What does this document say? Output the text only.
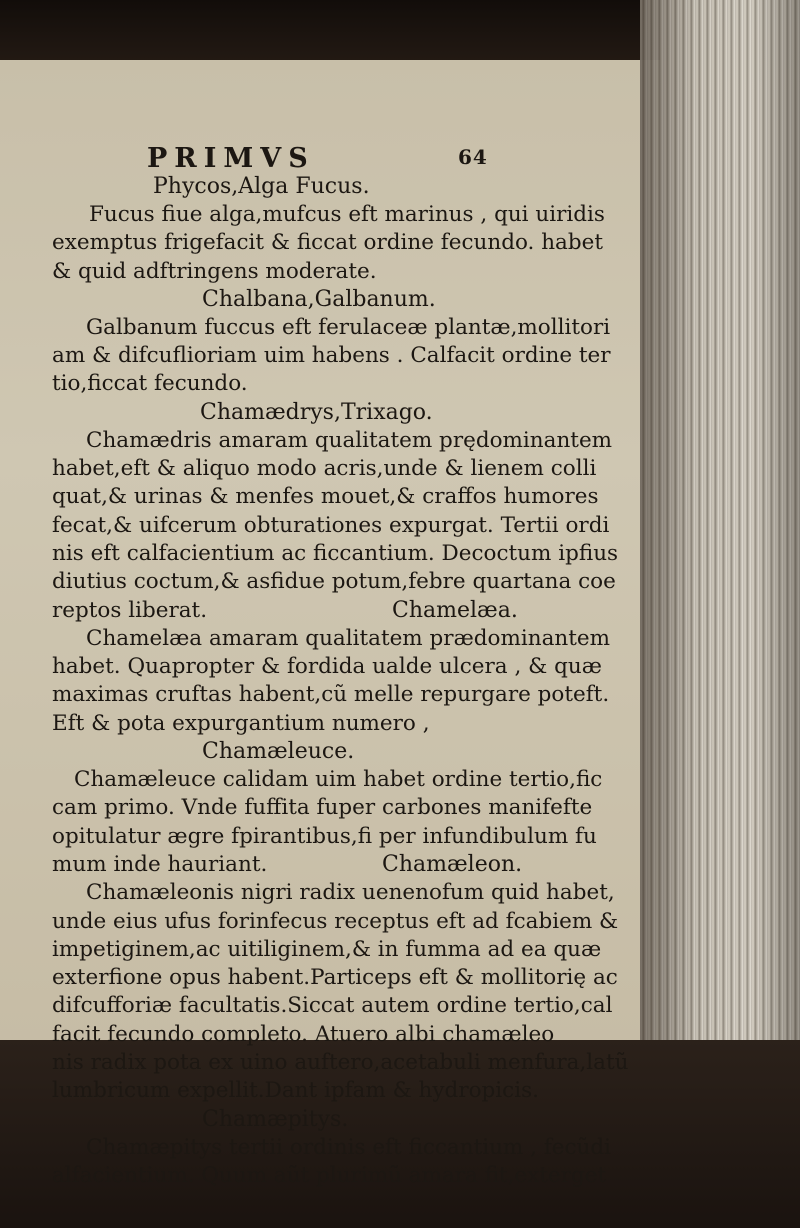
PRIMVS	64
Phycos,Alga Fucus.
Fucus fiue alga,mufcus eft marinus , qui uiridis
exemptus frigefacit & ficcat ordine fecundo. habet
& quid adftringens moderate.
Chalbana,Galbanum.
Galbanum fuccus eft ferulaceæ plantæ,mollitori
am & difcuflioriam uim habens . Calfacit ordine ter
tio,ficcat fecundo.
Chamædrys,Trixago.
Chamædris amaram qualitatem prędominantem
habet,eft & aliquo modo acris,unde & lienem colli
quat,& urinas & menfes mouet,& craffos humores
fecat,& uifcerum obturationes expurgat. Tertii ordi
nis eft calfacientium ac ficcantium. Decoctum ipfius
diutius coctum,& asfidue potum,febre quartana coe
reptos liberat.	Chamelæa.
Chamelæa amaram qualitatem prædominantem
habet. Quapropter & fordida ualde ulcera , & quæ
maximas cruftas habent,cũ melle repurgare poteft.
Eft & pota expurgantium numero ,
Chamæleuce.
Chamæleuce calidam uim habet ordine tertio,fic
cam primo. Vnde fuffita fuper carbones manifefte
opitulatur ægre fpirantibus,fi per infundibulum fu
mum inde hauriant.	Chamæleon.
Chamæleonis nigri radix uenenofum quid habet,
unde eius ufus forinfecus receptus eft ad fcabiem &
impetiginem,ac uitiliginem,& in fumma ad ea quæ
exterfione opus habent.Particeps eft & mollitorię ac
difcufforiæ facultatis.Siccat autem ordine tertio,cal
facit fecundo completo. Atuero albi chamæleo
nis radix pota ex uino auftero,acetabuli menfura,latũ
lumbricum expellit.Dant ipfam & hydropicis.
Chamæpitys.
Chamæpitys tertii ordinis eft ficcantium , fecũdi
alfacientium. Quum aũt plurimũ amara fit,exterget
